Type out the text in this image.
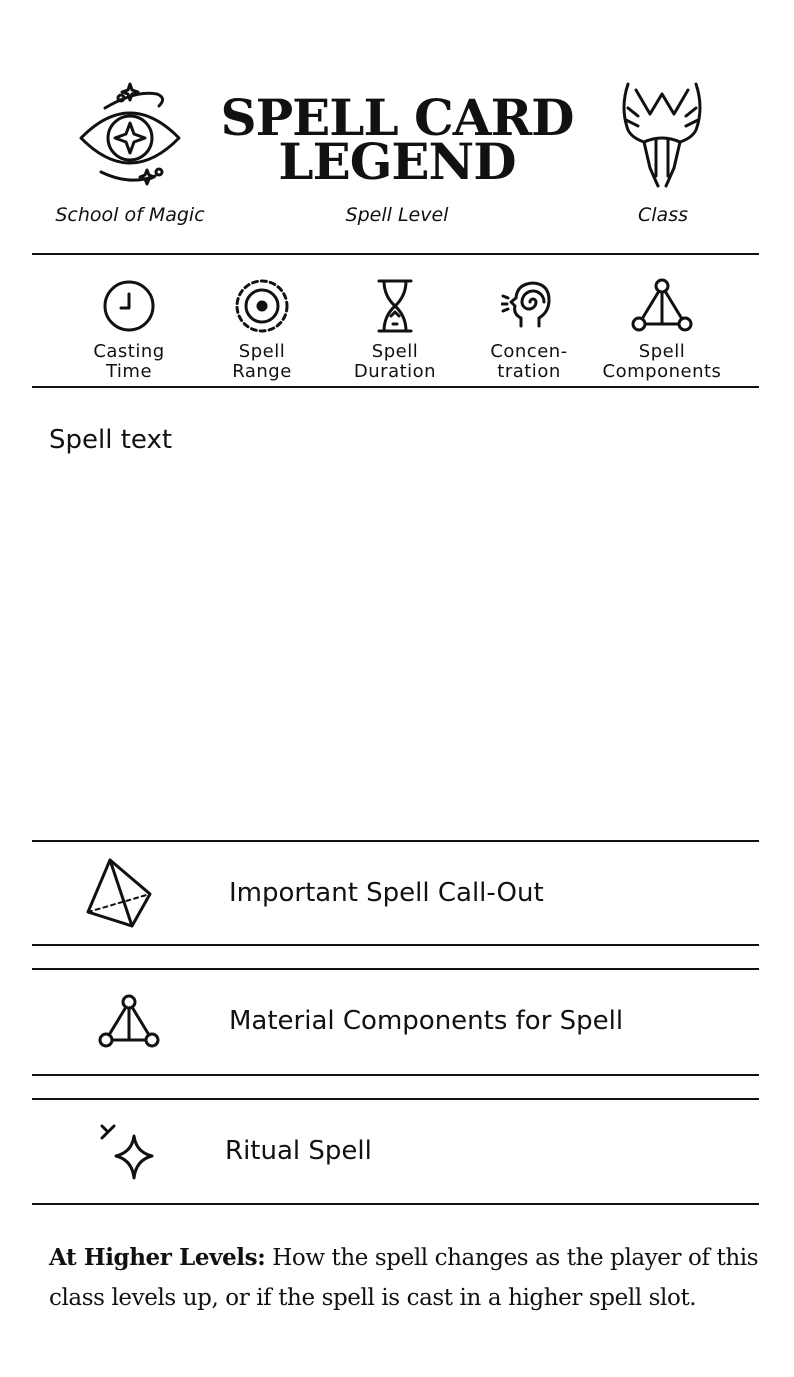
SPELL CARD
LEGEND
School of Magic	Spell Level	Class
Casting
Time
Spell
Range
Spell
Duration
Concen-
tration
Spell
Components
Spell text
Important Spell Call-Out
Material Components for Spell
Ritual Spell
At Higher Levels: How the spell changes as the player of this class levels up, or if the spell is cast in a higher spell slot.
